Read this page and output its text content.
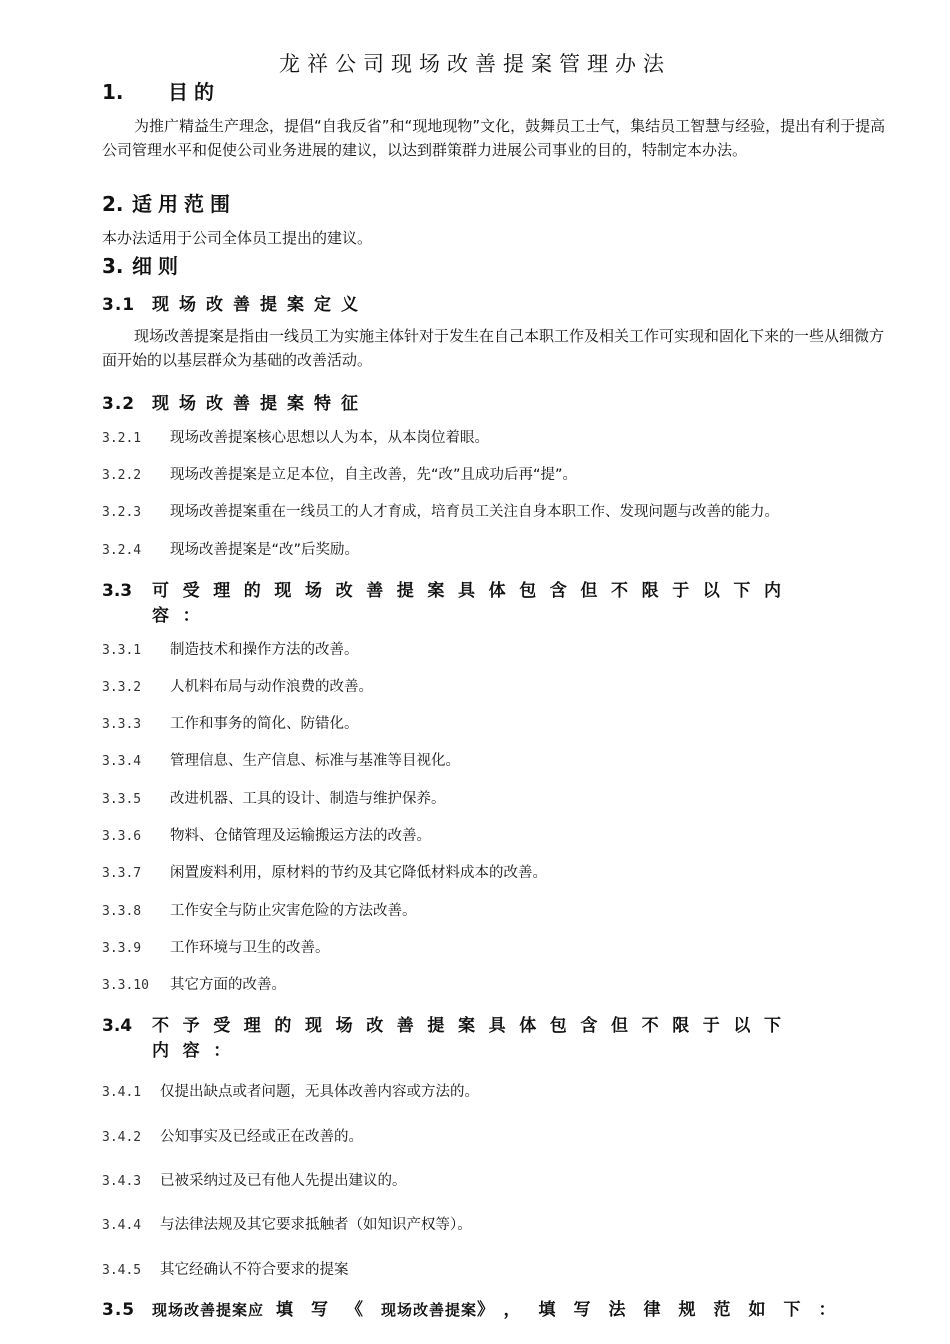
龙祥公司现场改善提案管理办法
1. 目的
为推广精益生产理念，提倡“自我反省”和“现地现物”文化，鼓舞员工士气，集结员工智慧与经验，提出有利于提高公司管理水平和促使公司业务进展的建议，以达到群策群力进展公司事业的目的，特制定本办法。
2. 适用范围
本办法适用于公司全体员工提出的建议。
3. 细则
3.1 现场改善提案定义
现场改善提案是指由一线员工为实施主体针对于发生在自己本职工作及相关工作可实现和固化下来的一些从细微方面开始的以基层群众为基础的改善活动。
3.2 现场改善提案特征
3.2.1 现场改善提案核心思想以人为本，从本岗位着眼。
3.2.2 现场改善提案是立足本位，自主改善，先“改”且成功后再“提”。
3.2.3 现场改善提案重在一线员工的人才育成，培育员工关注自身本职工作、发现问题与改善的能力。
3.2.4 现场改善提案是“改”后奖励。
3.3 可受理的现场改善提案具体包含但不限于以下内
容：
3.3.1 制造技术和操作方法的改善。
3.3.2 人机料布局与动作浪费的改善。
3.3.3 工作和事务的简化、防错化。
3.3.4 管理信息、生产信息、标准与基准等目视化。
3.3.5 改进机器、工具的设计、制造与维护保养。
3.3.6 物料、仓储管理及运输搬运方法的改善。
3.3.7 闲置废料利用，原材料的节约及其它降低材料成本的改善。
3.3.8 工作安全与防止灾害危险的方法改善。
3.3.9 工作环境与卫生的改善。
3.3.10 其它方面的改善。
3.4 不予受理的现场改善提案具体包含但不限于以下
内容：
3.4.1 仅提出缺点或者问题，无具体改善内容或方法的。
3.4.2 公知事实及已经或正在改善的。
3.4.3 已被采纳过及已有他人先提出建议的。
3.4.4 与法律法规及其它要求抵触者（如知识产权等）。
3.4.5 其它经确认不符合要求的提案
3.5 现场改善提案应 填写《现场改善提案》，填写法律规范如下：
